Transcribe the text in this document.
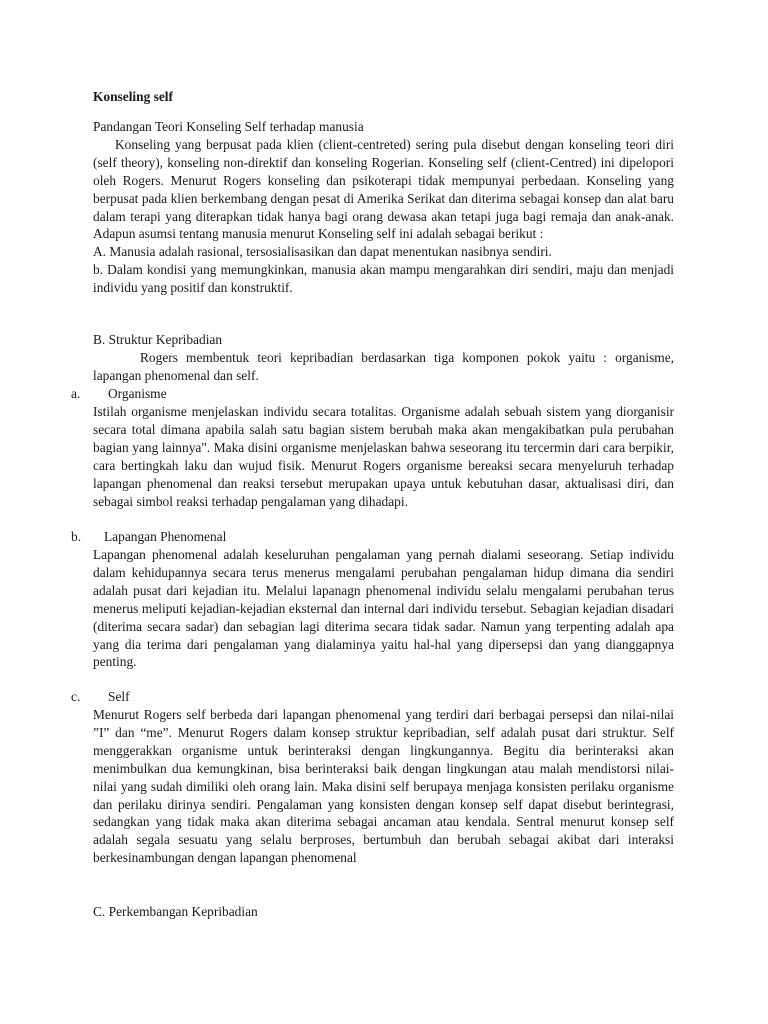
Konseling self

Pandangan Teori Konseling Self terhadap manusia

Konseling yang berpusat pada klien (client-centreted) sering pula disebut dengan konseling teori diri (self theory), konseling non-direktif dan konseling Rogerian. Konseling self (client-Centred) ini dipelopori oleh Rogers. Menurut Rogers konseling dan psikoterapi tidak mempunyai perbedaan. Konseling yang berpusat pada klien berkembang dengan pesat di Amerika Serikat dan diterima sebagai konsep dan alat baru dalam terapi yang diterapkan tidak hanya bagi orang dewasa akan tetapi juga bagi remaja dan anak-anak. Adapun asumsi tentang manusia menurut Konseling self ini adalah sebagai berikut :

A. Manusia adalah rasional, tersosialisasikan dan dapat menentukan nasibnya sendiri.

b. Dalam kondisi yang memungkinkan, manusia akan mampu mengarahkan diri sendiri, maju dan menjadi individu yang positif dan konstruktif.

B. Struktur Kepribadian

Rogers membentuk teori kepribadian berdasarkan tiga komponen pokok yaitu : organisme, lapangan phenomenal dan self.

a. Organisme

Istilah organisme menjelaskan individu secara totalitas. Organisme adalah sebuah sistem yang diorganisir secara total dimana apabila salah satu bagian sistem berubah maka akan mengakibatkan pula perubahan bagian yang lainnya". Maka disini organisme menjelaskan bahwa seseorang itu tercermin dari cara berpikir, cara bertingkah laku dan wujud fisik. Menurut Rogers organisme bereaksi secara menyeluruh terhadap lapangan phenomenal dan reaksi tersebut merupakan upaya untuk kebutuhan dasar, aktualisasi diri, dan sebagai simbol reaksi terhadap pengalaman yang dihadapi.

b. Lapangan Phenomenal

Lapangan phenomenal adalah keseluruhan pengalaman yang pernah dialami seseorang. Setiap individu dalam kehidupannya secara terus menerus mengalami perubahan pengalaman hidup dimana dia sendiri adalah pusat dari kejadian itu. Melalui lapanagn phenomenal individu selalu mengalami perubahan terus menerus meliputi kejadian-kejadian eksternal dan internal dari individu tersebut. Sebagian kejadian disadari (diterima secara sadar) dan sebagian lagi diterima secara tidak sadar. Namun yang terpenting adalah apa yang dia terima dari pengalaman yang dialaminya yaitu hal-hal yang dipersepsi dan yang dianggapnya penting.

c. Self

Menurut Rogers self berbeda dari lapangan phenomenal yang terdiri dari berbagai persepsi dan nilai-nilai ”I” dan “me”. Menurut Rogers dalam konsep struktur kepribadian, self adalah pusat dari struktur. Self menggerakkan organisme untuk berinteraksi dengan lingkungannya. Begitu dia berinteraksi akan menimbulkan dua kemungkinan, bisa berinteraksi baik dengan lingkungan atau malah mendistorsi nilai-nilai yang sudah dimiliki oleh orang lain. Maka disini self berupaya menjaga konsisten perilaku organisme dan perilaku dirinya sendiri. Pengalaman yang konsisten dengan konsep self dapat disebut berintegrasi, sedangkan yang tidak maka akan diterima sebagai ancaman atau kendala. Sentral menurut konsep self adalah segala sesuatu yang selalu berproses, bertumbuh dan berubah sebagai akibat dari interaksi berkesinambungan dengan lapangan phenomenal

C. Perkembangan Kepribadian
